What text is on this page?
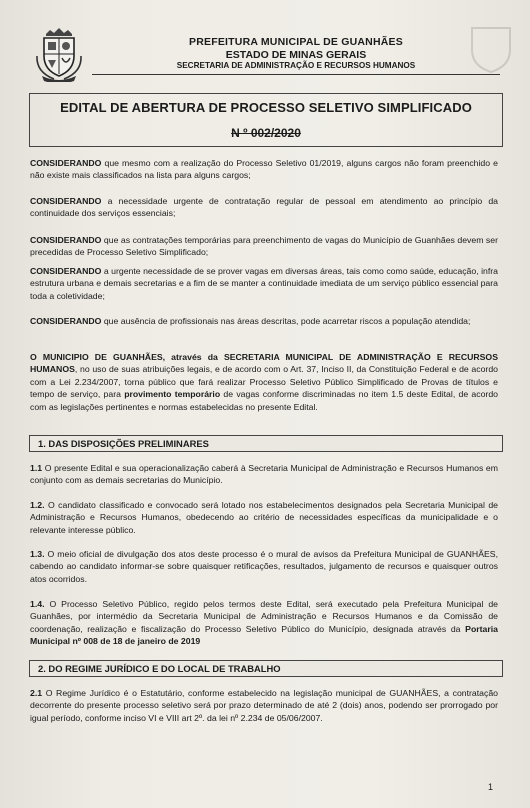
PREFEITURA MUNICIPAL DE GUANHÃES
ESTADO DE MINAS GERAIS
SECRETARIA DE ADMINISTRAÇÃO E RECURSOS HUMANOS
EDITAL DE ABERTURA DE PROCESSO SELETIVO SIMPLIFICADO
N º 002/2020
CONSIDERANDO que mesmo com a realização do Processo Seletivo 01/2019, alguns cargos não foram preenchido e não existe mais classificados na lista para alguns cargos;
CONSIDERANDO a necessidade urgente de contratação regular de pessoal em atendimento ao princípio da continuidade dos serviços essenciais;
CONSIDERANDO que as contratações temporárias para preenchimento de vagas do Município de Guanhães devem ser precedidas de Processo Seletivo Simplificado;
CONSIDERANDO a urgente necessidade de se prover vagas em diversas áreas, tais como como saúde, educação, infra estrutura urbana e demais secretarias e a fim de se manter a continuidade imediata de um serviço público essencial para toda a coletividade;
CONSIDERANDO que ausência de profissionais nas áreas descritas, pode acarretar riscos a população atendida;
O MUNICIPIO DE GUANHÃES, através da SECRETARIA MUNICIPAL DE ADMINISTRAÇÃO E RECURSOS HUMANOS, no uso de suas atribuições legais, e de acordo com o Art. 37, Inciso II, da Constituição Federal e de acordo com a Lei 2.234/2007, torna público que fará realizar Processo Seletivo Público Simplificado de Provas de títulos e tempo de serviço, para provimento temporário de vagas conforme discriminadas no item 1.5 deste Edital, de acordo com as legislações pertinentes e normas estabelecidas no presente Edital.
1. DAS DISPOSIÇÕES PRELIMINARES
1.1 O presente Edital e sua operacionalização caberá à Secretaria Municipal de Administração e Recursos Humanos em conjunto com as demais secretarias do Município.
1.2. O candidato classificado e convocado será lotado nos estabelecimentos designados pela Secretaria Municipal de Administração e Recursos Humanos, obedecendo ao critério de necessidades específicas da municipalidade e o relevante interesse público.
1.3. O meio oficial de divulgação dos atos deste processo é o mural de avisos da Prefeitura Municipal de GUANHÃES, cabendo ao candidato informar-se sobre quaisquer retificações, resultados, julgamento de recursos e quaisquer outros atos ocorridos.
1.4. O Processo Seletivo Público, regido pelos termos deste Edital, será executado pela Prefeitura Municipal de Guanhães, por intermédio da Secretaria Municipal de Administração e Recursos Humanos e da Comissão de coordenação, realização e fiscalização do Processo Seletivo Público do Município, designada através da Portaria Municipal nº 008 de 18 de janeiro de 2019
2. DO REGIME JURÍDICO E DO LOCAL DE TRABALHO
2.1 O Regime Jurídico é o Estatutário, conforme estabelecido na legislação municipal de GUANHÃES, a contratação decorrente do presente processo seletivo será por prazo determinado de até 2 (dois) anos, podendo ser prorrogado por igual período, conforme inciso VI e VIII art 2º. da lei nº 2.234 de 05/06/2007.
1
